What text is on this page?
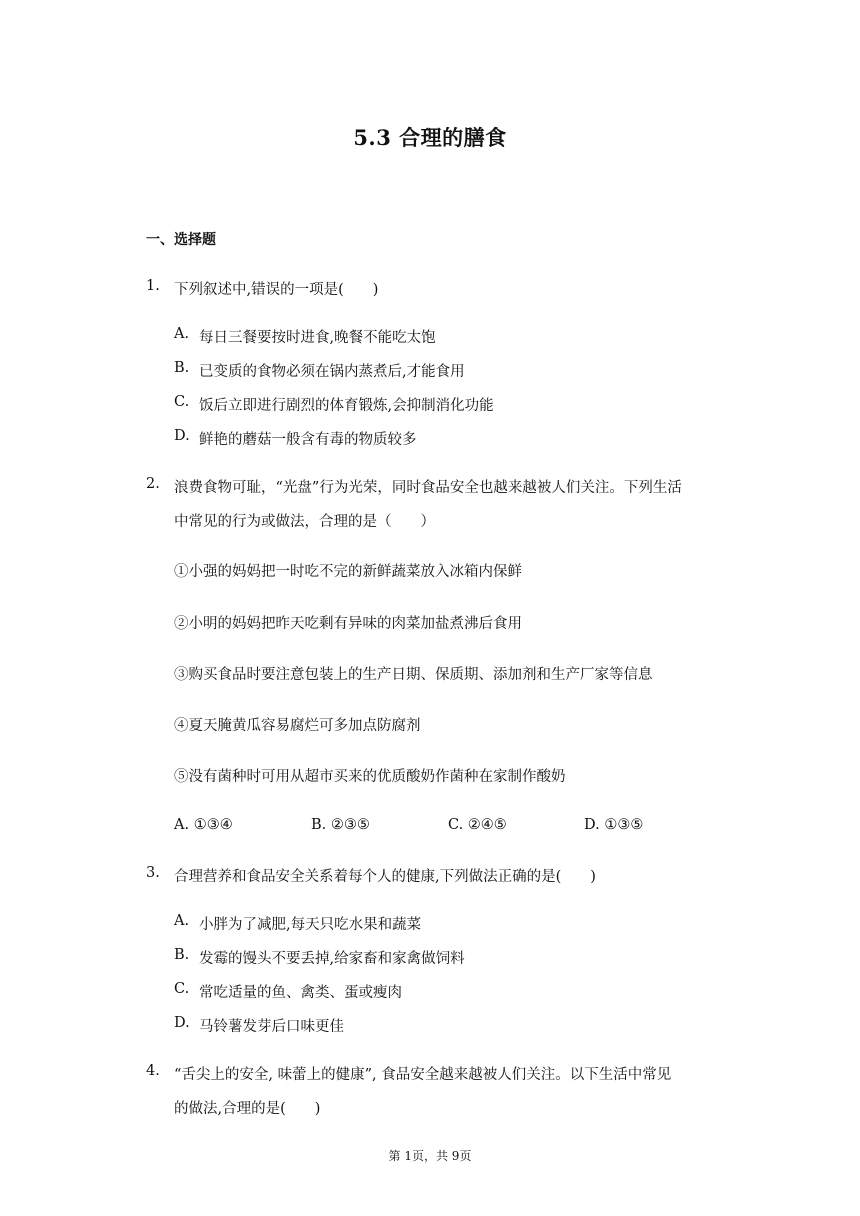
5.3 合理的膳食
一、选择题
1. 下列叙述中,错误的一项是(　　)
A. 每日三餐要按时进食,晚餐不能吃太饱
B. 已变质的食物必须在锅内蒸煮后,才能食用
C. 饭后立即进行剧烈的体育锻炼,会抑制消化功能
D. 鲜艳的蘑菇一般含有毒的物质较多
2. 浪费食物可耻，“光盘”行为光荣，同时食品安全也越来越被人们关注。下列生活
中常见的行为或做法，合理的是（　　）
①小强的妈妈把一时吃不完的新鲜蔬菜放入冰箱内保鲜
②小明的妈妈把昨天吃剩有异味的肉菜加盐煮沸后食用
③购买食品时要注意包装上的生产日期、保质期、添加剂和生产厂家等信息
④夏天腌黄瓜容易腐烂可多加点防腐剂
⑤没有菌种时可用从超市买来的优质酸奶作菌种在家制作酸奶
A. ①③④	B. ②③⑤	C. ②④⑤	D. ①③⑤
3. 合理营养和食品安全关系着每个人的健康,下列做法正确的是(　　)
A. 小胖为了减肥,每天只吃水果和蔬菜
B. 发霉的馒头不要丢掉,给家畜和家禽做饲料
C. 常吃适量的鱼、禽类、蛋或瘦肉
D. 马铃薯发芽后口味更佳
4. “舌尖上的安全, 味蕾上的健康”, 食品安全越来越被人们关注。以下生活中常见
的做法,合理的是(　　)
第 1页，共 9页
